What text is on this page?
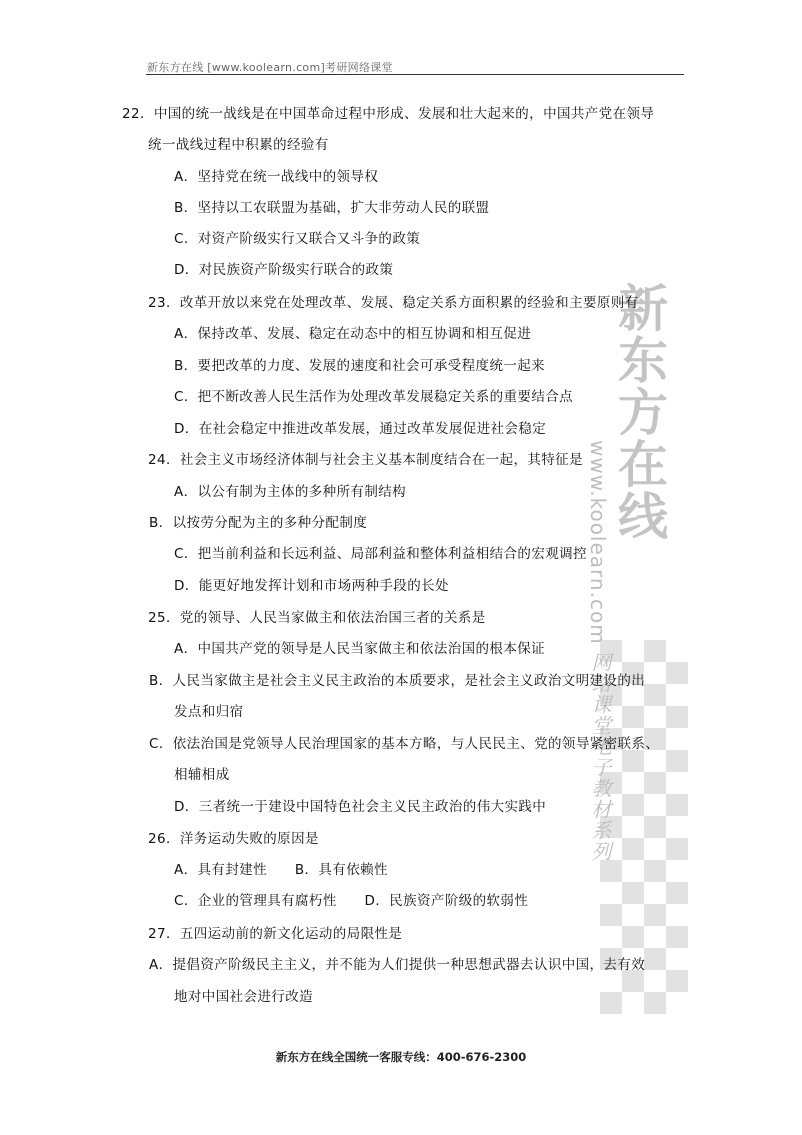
新东方在线 [www.koolearn.com]考研网络课堂
新东方在线
www.koolearn.com
网络课堂电子教材系列
22．中国的统一战线是在中国革命过程中形成、发展和壮大起来的，中国共产党在领导
统一战线过程中积累的经验有
A．坚持党在统一战线中的领导权
B．坚持以工农联盟为基础，扩大非劳动人民的联盟
C．对资产阶级实行又联合又斗争的政策
D．对民族资产阶级实行联合的政策
23．改革开放以来党在处理改革、发展、稳定关系方面积累的经验和主要原则有
A．保持改革、发展、稳定在动态中的相互协调和相互促进
B．要把改革的力度、发展的速度和社会可承受程度统一起来
C．把不断改善人民生活作为处理改革发展稳定关系的重要结合点
D．在社会稳定中推进改革发展，通过改革发展促进社会稳定
24．社会主义市场经济体制与社会主义基本制度结合在一起，其特征是
A．以公有制为主体的多种所有制结构
B．以按劳分配为主的多种分配制度
C．把当前利益和长远利益、局部利益和整体利益相结合的宏观调控
D．能更好地发挥计划和市场两种手段的长处
25．党的领导、人民当家做主和依法治国三者的关系是
A．中国共产党的领导是人民当家做主和依法治国的根本保证
B．人民当家做主是社会主义民主政治的本质要求，是社会主义政治文明建设的出
发点和归宿
C．依法治国是党领导人民治理国家的基本方略，与人民民主、党的领导紧密联系、
相辅相成
D．三者统一于建设中国特色社会主义民主政治的伟大实践中
26．洋务运动失败的原因是
A．具有封建性　　B．具有依赖性
C．企业的管理具有腐朽性　　D．民族资产阶级的软弱性
27．五四运动前的新文化运动的局限性是
A．提倡资产阶级民主主义，并不能为人们提供一种思想武器去认识中国，去有效
地对中国社会进行改造
新东方在线全国统一客服专线：400-676-2300
